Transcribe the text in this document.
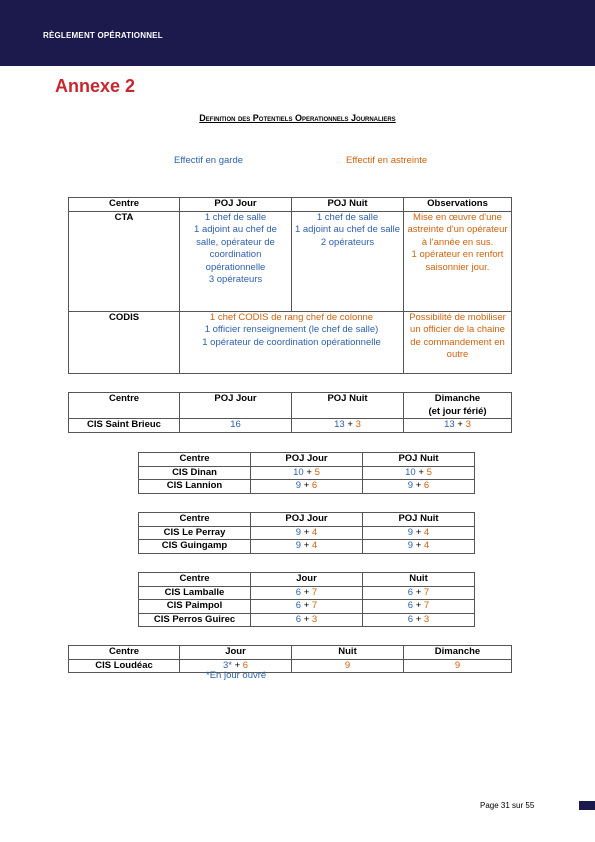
RÈGLEMENT OPÉRATIONNEL
Annexe 2
Definition des Potentiels Operationnels Journaliers
Effectif en garde	Effectif en astreinte
Centre	POJ Jour	POJ Nuit	Observations
CTA	1 chef de salle
1 adjoint au chef de salle, opérateur de coordination opérationnelle
3 opérateurs	1 chef de salle
1 adjoint au chef de salle
2 opérateurs	Mise en œuvre d'une astreinte d'un opérateur à l'année en sus.
1 opérateur en renfort saisonnier jour.
CODIS	1 chef CODIS de rang chef de colonne
1 officier renseignement (le chef de salle)
1 opérateur de coordination opérationnelle		Possibilité de mobiliser un officier de la chaine de commandement en outre
Centre	POJ Jour	POJ Nuit	Dimanche
(et jour férié)
CIS Saint Brieuc	16	13 + 3	13 + 3
Centre	POJ Jour	POJ Nuit
CIS Dinan	10 + 5	10 + 5
CIS Lannion	9 + 6	9 + 6
Centre	POJ Jour	POJ Nuit
CIS Le Perray	9 + 4	9 + 4
CIS Guingamp	9 + 4	9 + 4
Centre	Jour	Nuit
CIS Lamballe	6 + 7	6 + 7
CIS Paimpol	6 + 7	6 + 7
CIS Perros Guirec	6 + 3	6 + 3
Centre	Jour	Nuit	Dimanche
CIS Loudéac	3* + 6	9	9
*En jour ouvré
Page 31 sur 55
